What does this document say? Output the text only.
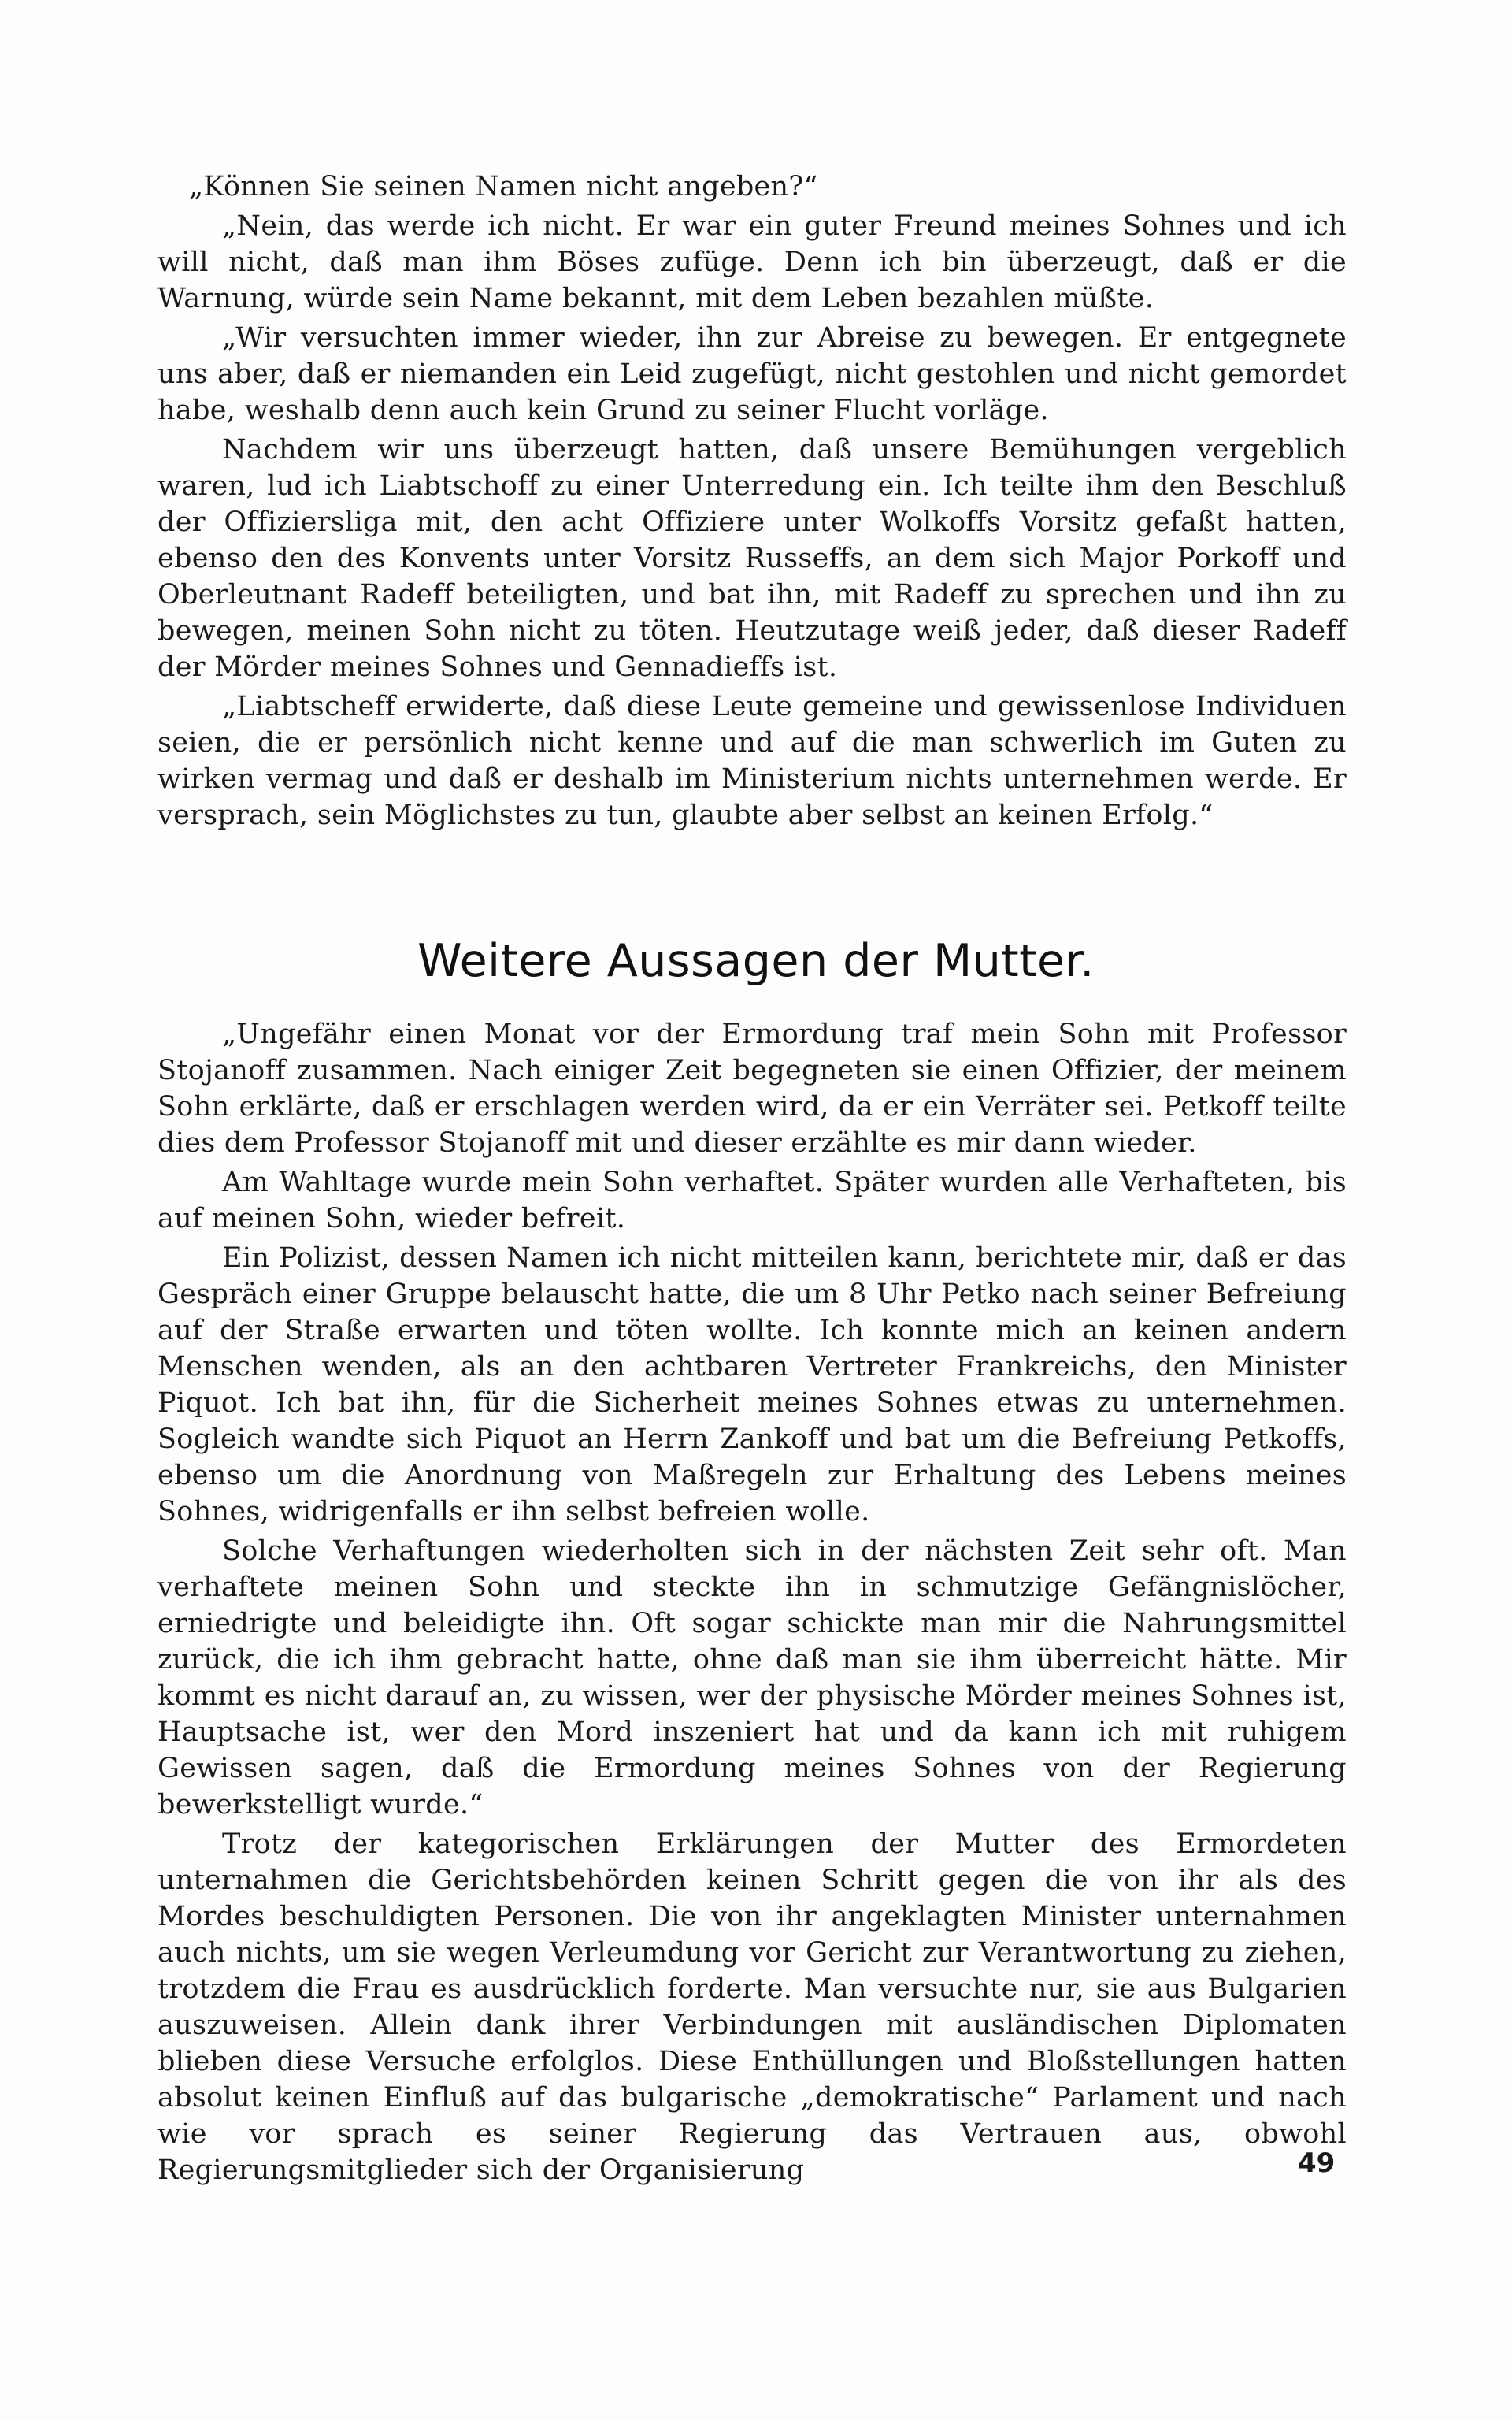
„Können Sie seinen Namen nicht angeben?“

„Nein, das werde ich nicht. Er war ein guter Freund meines Sohnes und ich will nicht, daß man ihm Böses zufüge. Denn ich bin überzeugt, daß er die Warnung, würde sein Name bekannt, mit dem Leben bezahlen müßte.

„Wir versuchten immer wieder, ihn zur Abreise zu bewegen. Er entgegnete uns aber, daß er niemanden ein Leid zugefügt, nicht gestohlen und nicht gemordet habe, weshalb denn auch kein Grund zu seiner Flucht vorläge.

Nachdem wir uns überzeugt hatten, daß unsere Bemühungen vergeblich waren, lud ich Liabtschoff zu einer Unterredung ein. Ich teilte ihm den Beschluß der Offiziersliga mit, den acht Offiziere unter Wolkoffs Vorsitz gefaßt hatten, ebenso den des Konvents unter Vorsitz Russeffs, an dem sich Major Porkoff und Oberleutnant Radeff beteiligten, und bat ihn, mit Radeff zu sprechen und ihn zu bewegen, meinen Sohn nicht zu töten. Heutzutage weiß jeder, daß dieser Radeff der Mörder meines Sohnes und Gennadieffs ist.

„Liabtscheff erwiderte, daß diese Leute gemeine und gewissenlose Individuen seien, die er persönlich nicht kenne und auf die man schwerlich im Guten zu wirken vermag und daß er deshalb im Ministerium nichts unternehmen werde. Er versprach, sein Möglichstes zu tun, glaubte aber selbst an keinen Erfolg.“

Weitere Aussagen der Mutter.

„Ungefähr einen Monat vor der Ermordung traf mein Sohn mit Professor Stojanoff zusammen. Nach einiger Zeit begegneten sie einen Offizier, der meinem Sohn erklärte, daß er erschlagen werden wird, da er ein Verräter sei. Petkoff teilte dies dem Professor Stojanoff mit und dieser erzählte es mir dann wieder.

Am Wahltage wurde mein Sohn verhaftet. Später wurden alle Verhafteten, bis auf meinen Sohn, wieder befreit.

Ein Polizist, dessen Namen ich nicht mitteilen kann, berichtete mir, daß er das Gespräch einer Gruppe belauscht hatte, die um 8 Uhr Petko nach seiner Befreiung auf der Straße erwarten und töten wollte. Ich konnte mich an keinen andern Menschen wenden, als an den achtbaren Vertreter Frankreichs, den Minister Piquot. Ich bat ihn, für die Sicherheit meines Sohnes etwas zu unternehmen. Sogleich wandte sich Piquot an Herrn Zankoff und bat um die Befreiung Petkoffs, ebenso um die Anordnung von Maßregeln zur Erhaltung des Lebens meines Sohnes, widrigenfalls er ihn selbst befreien wolle.

Solche Verhaftungen wiederholten sich in der nächsten Zeit sehr oft. Man verhaftete meinen Sohn und steckte ihn in schmutzige Gefängnislöcher, erniedrigte und beleidigte ihn. Oft sogar schickte man mir die Nahrungsmittel zurück, die ich ihm gebracht hatte, ohne daß man sie ihm überreicht hätte. Mir kommt es nicht darauf an, zu wissen, wer der physische Mörder meines Sohnes ist, Hauptsache ist, wer den Mord inszeniert hat und da kann ich mit ruhigem Gewissen sagen, daß die Ermordung meines Sohnes von der Regierung bewerkstelligt wurde.“

Trotz der kategorischen Erklärungen der Mutter des Ermordeten unternahmen die Gerichtsbehörden keinen Schritt gegen die von ihr als des Mordes beschuldigten Personen. Die von ihr angeklagten Minister unternahmen auch nichts, um sie wegen Verleumdung vor Gericht zur Verantwortung zu ziehen, trotzdem die Frau es ausdrücklich forderte. Man versuchte nur, sie aus Bulgarien auszuweisen. Allein dank ihrer Verbindungen mit ausländischen Diplomaten blieben diese Versuche erfolglos. Diese Enthüllungen und Bloßstellungen hatten absolut keinen Einfluß auf das bulgarische „demokratische“ Parlament und nach wie vor sprach es seiner Regierung das Vertrauen aus, obwohl Regierungsmitglieder sich der Organisierung	49
